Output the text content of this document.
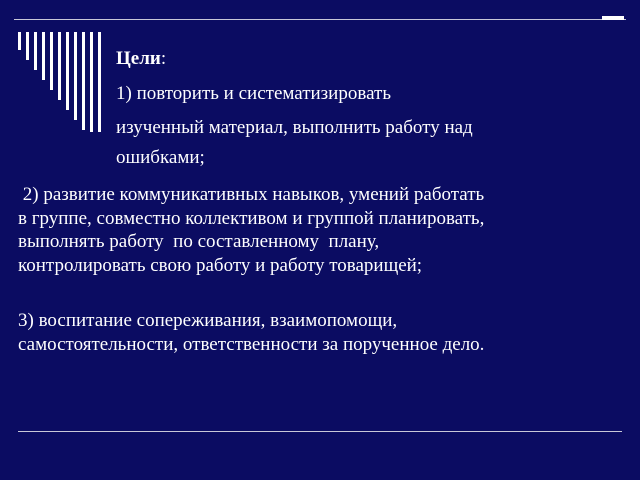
Цели:
1) повторить и систематизировать
изученный материал, выполнить работу над
ошибками;
2) развитие коммуникативных навыков, умений работать
в группе, совместно коллективом и группой планировать,
выполнять работу  по составленному  плану,
контролировать свою работу и работу товарищей;
3) воспитание сопереживания, взаимопомощи,
самостоятельности, ответственности за порученное дело.
